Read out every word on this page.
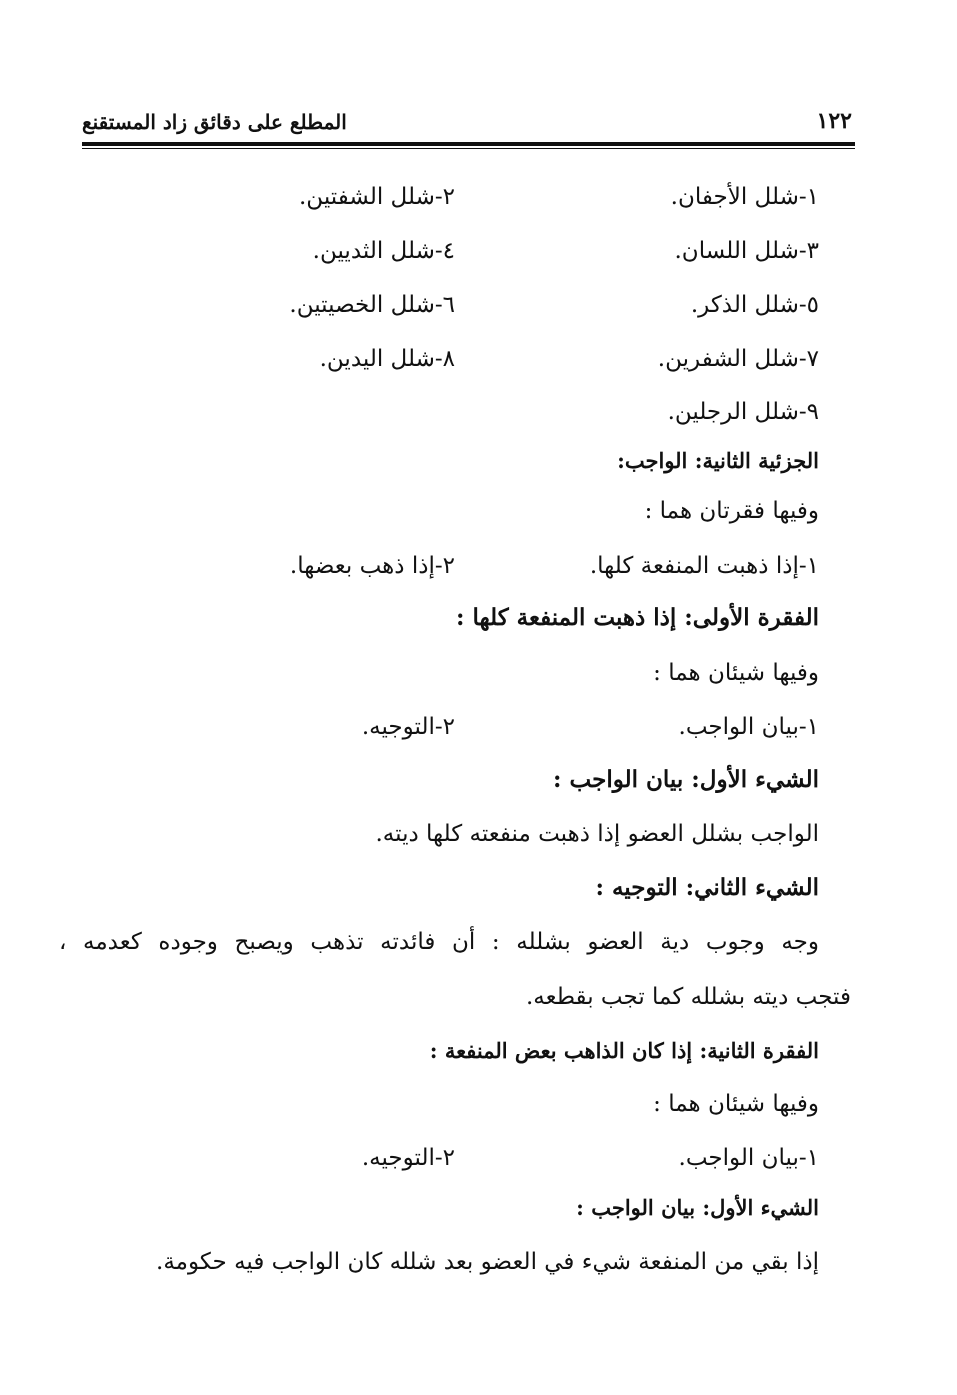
١٢٢
المطلع على دقائق زاد المستقنع
١-شلل الأجفان.
٢-شلل الشفتين.
٣-شلل اللسان.
٤-شلل الثديين.
٥-شلل الذكر.
٦-شلل الخصيتين.
٧-شلل الشفرين.
٨-شلل اليدين.
٩-شلل الرجلين.
الجزئية الثانية: الواجب:
وفيها فقرتان هما :
١-إذا ذهبت المنفعة كلها.
٢-إذا ذهب بعضها.
الفقرة الأولى: إذا ذهبت المنفعة كلها :
وفيها شيئان هما :
١-بيان الواجب.
٢-التوجيه.
الشيء الأول: بيان الواجب :
الواجب بشلل العضو إذا ذهبت منفعته كلها ديته.
الشيء الثاني: التوجيه :
وجه وجوب دية العضو بشلله : أن فائدته تذهب ويصبح وجوده كعدمه ،
فتجب ديته بشلله كما تجب بقطعه.
الفقرة الثانية: إذا كان الذاهب بعض المنفعة :
وفيها شيئان هما :
١-بيان الواجب.
٢-التوجيه.
الشيء الأول: بيان الواجب :
إذا بقي من المنفعة شيء في العضو بعد شلله كان الواجب فيه حكومة.
